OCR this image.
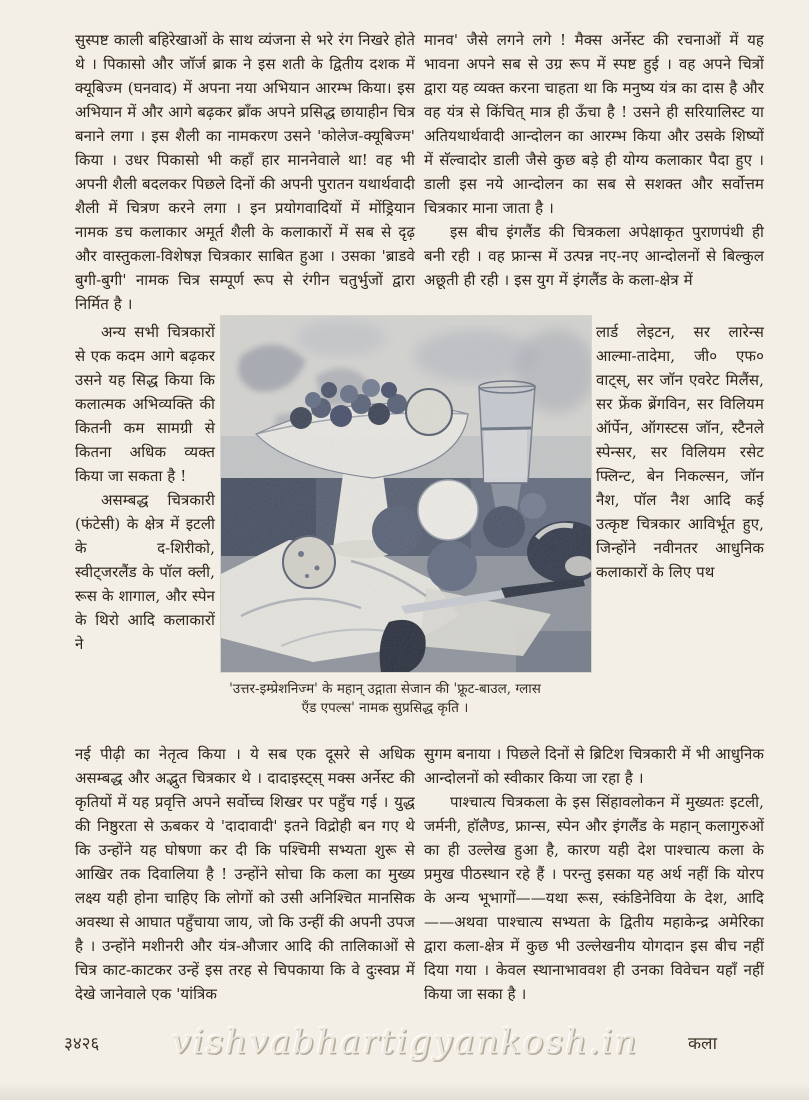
सुस्पष्ट काली बहिरेखाओं के साथ व्यंजना से भरे रंग निखरे होते थे । पिकासो और जॉर्ज ब्राक ने इस शती के द्वितीय दशक में क्यूबिज्म (घनवाद) में अपना नया अभियान आरम्भ किया। इस अभियान में और आगे बढ़कर ब्राँक अपने प्रसिद्ध छायाहीन चित्र बनाने लगा । इस शैली का नामकरण उसने 'कोलेज-क्यूबिज्म' किया । उधर पिकासो भी कहाँ हार माननेवाले था! वह भी अपनी शैली बदलकर पिछले दिनों की अपनी पुरातन यथार्थवादी शैली में चित्रण करने लगा । इन प्रयोगवादियों में मोंड्रियान नामक डच कलाकार अमूर्त शैली के कलाकारों में सब से दृढ़ और वास्तुकला-विशेषज्ञ चित्रकार साबित हुआ । उसका 'ब्राडवे बुगी-बुगी' नामक चित्र सम्पूर्ण रूप से रंगीन चतुर्भुजों द्वारा निर्मित है ।

मानव' जैसे लगने लगे ! मैक्स अर्नेस्ट की रचनाओं में यह भावना अपने सब से उग्र रूप में स्पष्ट हुई । वह अपने चित्रों द्वारा यह व्यक्त करना चाहता था कि मनुष्य यंत्र का दास है और वह यंत्र से किंचित् मात्र ही ऊँचा है ! उसने ही सरियालिस्ट या अतियथार्थवादी आन्दोलन का आरम्भ किया और उसके शिष्यों में सॅल्वादोर डाली जैसे कुछ बड़े ही योग्य कलाकार पैदा हुए । डाली इस नये आन्दोलन का सब से सशक्त और सर्वोत्तम चित्रकार माना जाता है ।

इस बीच इंगलैंड की चित्रकला अपेक्षाकृत पुराणपंथी ही बनी रही । वह फ्रान्स में उत्पन्न नए-नए आन्दोलनों से बिल्कुल अछूती ही रही । इस युग में इंगलैंड के कला-क्षेत्र में

अन्य सभी चित्रकारों से एक कदम आगे बढ़कर उसने यह सिद्ध किया कि कलात्मक अभिव्यक्ति की कितनी कम सामग्री से कितना अधिक व्यक्त किया जा सकता है !

असम्बद्ध चित्रकारी (फंटेसी) के क्षेत्र में इटली के द-शिरीको, स्वीट्‌जरलैंड के पॉल क्ली, रूस के शागाल, और स्पेन के थिरो आदि कलाकारों ने

लार्ड लेइटन, सर लारेन्स आल्मा-तादेमा, जी० एफ० वाट्स्, सर जॉन एवरेट मिलैंस, सर फ्रेंक ब्रेंगविन, सर विलियम ऑर्पेन, ऑगस्टस जॉन, स्टैनले स्पेन्सर, सर विलियम रसेट फ्लिन्ट, बेन निकल्सन, जॉन नैश, पॉल नैश आदि कई उत्कृष्ट चित्रकार आविर्भूत हुए, जिन्होंने नवीनतर आधुनिक कलाकारों के लिए पथ

'उत्तर-इम्प्रेशनिज्म' के महान् उद्गाता सेजान की 'फ्रूट-बाउल, ग्लास
एँड एपल्स' नामक सुप्रसिद्ध कृति ।

नई पीढ़ी का नेतृत्व किया । ये सब एक दूसरे से अधिक असम्बद्ध और अद्भुत चित्रकार थे । दादाइस्ट्स् मक्स अर्नेस्ट की कृतियों में यह प्रवृत्ति अपने सर्वोच्च शिखर पर पहुँच गई । युद्ध की निष्ठुरता से ऊबकर ये 'दादावादी' इतने विद्रोही बन गए थे कि उन्होंने यह घोषणा कर दी कि पश्चिमी सभ्यता शुरू से आखिर तक दिवालिया है ! उन्होंने सोचा कि कला का मुख्य लक्ष्य यही होना चाहिए कि लोगों को उसी अनिश्चित मानसिक अवस्था से आघात पहुँचाया जाय, जो कि उन्हीं की अपनी उपज है । उन्होंने मशीनरी और यंत्र-औजार आदि की तालिकाओं से चित्र काट-काटकर उन्हें इस तरह से चिपकाया कि वे दुःस्वप्न में देखे जानेवाले एक 'यांत्रिक

सुगम बनाया । पिछले दिनों से ब्रिटिश चित्रकारी में भी आधुनिक आन्दोलनों को स्वीकार किया जा रहा है ।

पाश्चात्य चित्रकला के इस सिंहावलोकन में मुख्यतः इटली, जर्मनी, हॉलैण्ड, फ्रान्स, स्पेन और इंगलैंड के महान् कलागुरुओं का ही उल्लेख हुआ है, कारण यही देश पाश्चात्य कला के प्रमुख पीठस्थान रहे हैं । परन्तु इसका यह अर्थ नहीं कि योरप के अन्य भूभागों——यथा रूस, स्कंडिनेविया के देश, आदि——अथवा पाश्चात्य सभ्यता के द्वितीय महाकेन्द्र अमेरिका द्वारा कला-क्षेत्र में कुछ भी उल्लेखनीय योगदान इस बीच नहीं दिया गया । केवल स्थानाभाववश ही उनका विवेचन यहाँ नहीं किया जा सका है ।

३४२६	vishvabhartigyankosh.in	कला
